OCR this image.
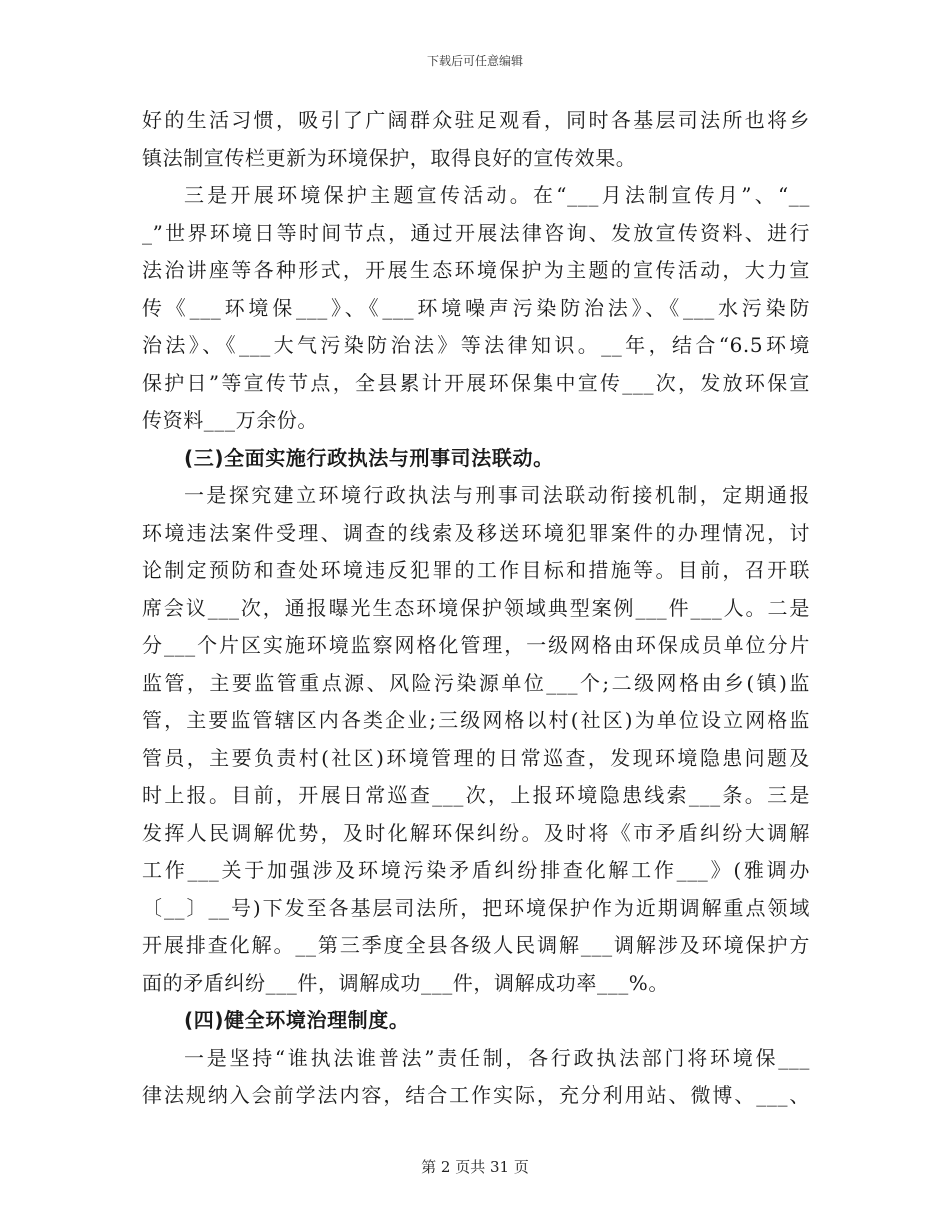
下载后可任意编辑
好的生活习惯，吸引了广阔群众驻足观看，同时各基层司法所也将乡
镇法制宣传栏更新为环境保护，取得良好的宣传效果。
三是开展环境保护主题宣传活动。在“___月法制宣传月”、“__
_”世界环境日等时间节点，通过开展法律咨询、发放宣传资料、进行
法治讲座等各种形式，开展生态环境保护为主题的宣传活动，大力宣
传《___环境保___》、《___环境噪声污染防治法》、《___水污染防
治法》、《___大气污染防治法》等法律知识。__年，结合“6.5环境
保护日”等宣传节点，全县累计开展环保集中宣传___次，发放环保宣
传资料___万余份。
(三)全面实施行政执法与刑事司法联动。
一是探究建立环境行政执法与刑事司法联动衔接机制，定期通报
环境违法案件受理、调查的线索及移送环境犯罪案件的办理情况，讨
论制定预防和查处环境违反犯罪的工作目标和措施等。目前，召开联
席会议___次，通报曝光生态环境保护领域典型案例___件___人。二是
分___个片区实施环境监察网格化管理，一级网格由环保成员单位分片
监管，主要监管重点源、风险污染源单位___个;二级网格由乡(镇)监
管，主要监管辖区内各类企业;三级网格以村(社区)为单位设立网格监
管员，主要负责村(社区)环境管理的日常巡查，发现环境隐患问题及
时上报。目前，开展日常巡查___次，上报环境隐患线索___条。三是
发挥人民调解优势，及时化解环保纠纷。及时将《市矛盾纠纷大调解
工作___关于加强涉及环境污染矛盾纠纷排查化解工作___》(雅调办
〔__〕__号)下发至各基层司法所，把环境保护作为近期调解重点领域
开展排查化解。__第三季度全县各级人民调解___调解涉及环境保护方
面的矛盾纠纷___件，调解成功___件，调解成功率___%。
(四)健全环境治理制度。
一是坚持“谁执法谁普法”责任制，各行政执法部门将环境保___
律法规纳入会前学法内容，结合工作实际，充分利用站、微博、___、
第 2 页共 31 页
